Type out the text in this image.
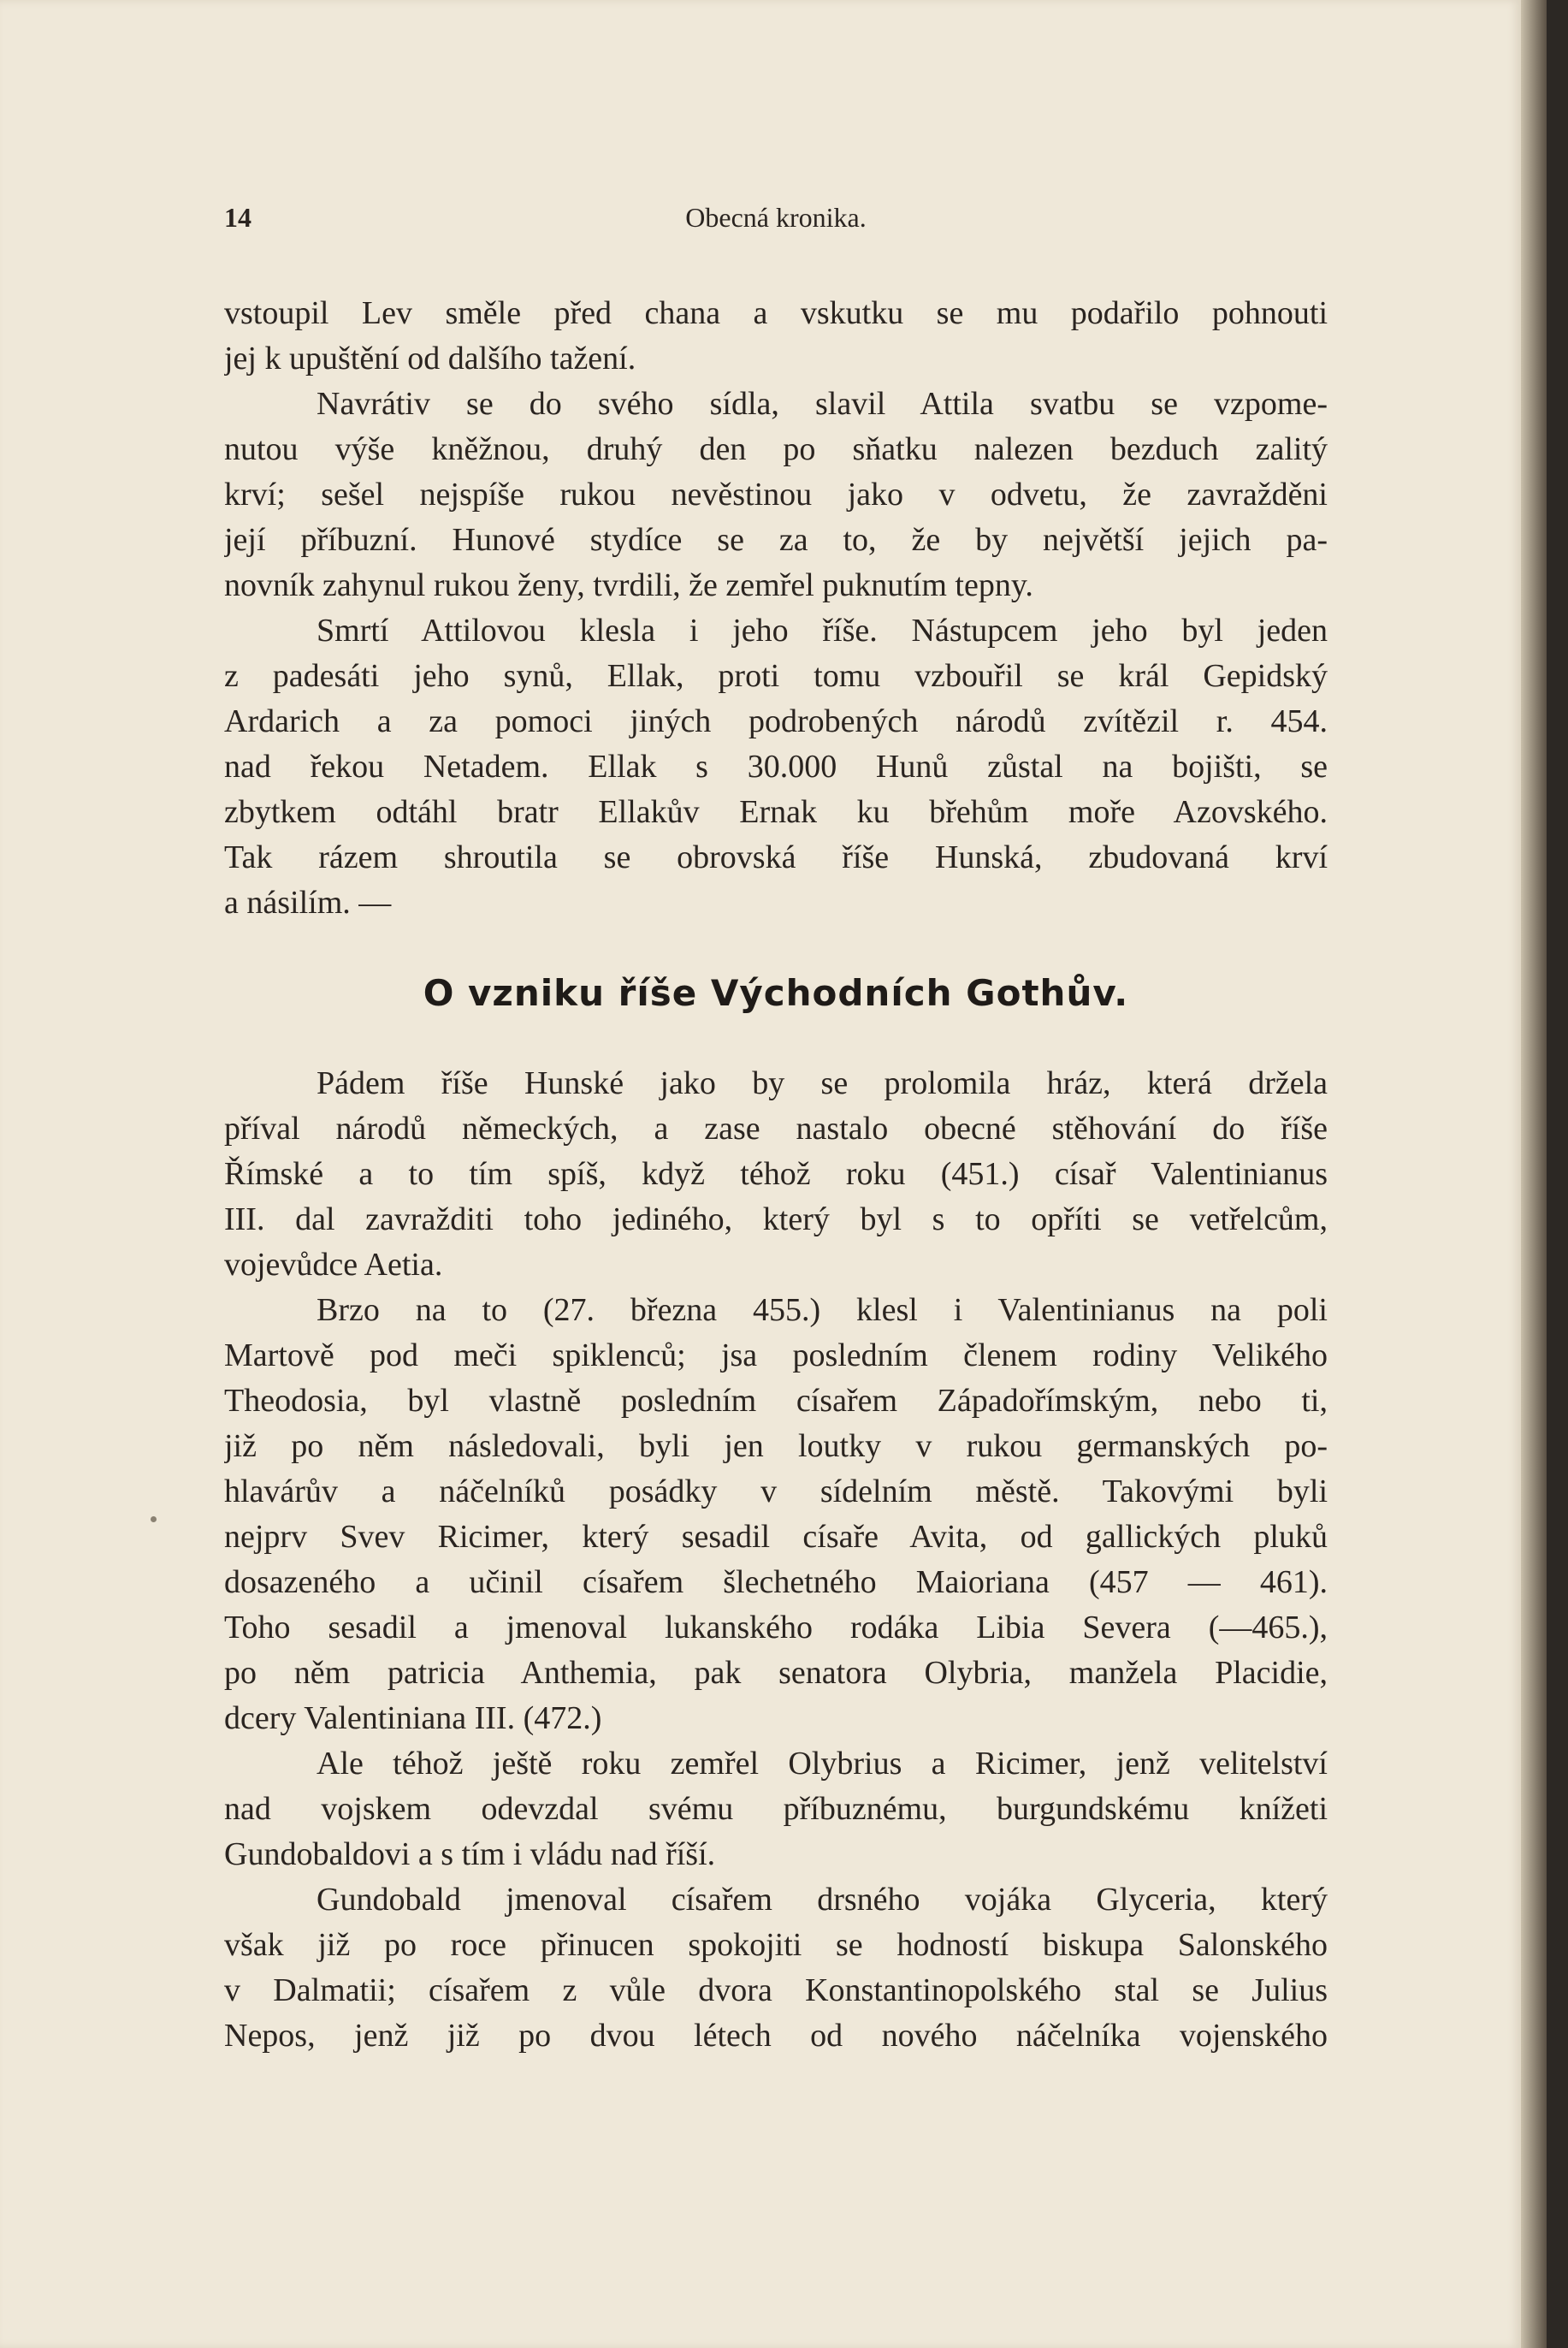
14	Obecná kronika.
vstoupil Lev směle před chana a vskutku se mu podařilo pohnouti
jej k upuštění od dalšího tažení.
Navrátiv se do svého sídla, slavil Attila svatbu se vzpome-
nutou výše kněžnou, druhý den po sňatku nalezen bezduch zalitý
krví; sešel nejspíše rukou nevěstinou jako v odvetu, že zavražděni
její příbuzní. Hunové stydíce se za to, že by největší jejich pa-
novník zahynul rukou ženy, tvrdili, že zemřel puknutím tepny.
Smrtí Attilovou klesla i jeho říše. Nástupcem jeho byl jeden
z padesáti jeho synů, Ellak, proti tomu vzbouřil se král Gepidský
Ardarich a za pomoci jiných podrobených národů zvítězil r. 454.
nad řekou Netadem. Ellak s 30.000 Hunů zůstal na bojišti, se
zbytkem odtáhl bratr Ellakův Ernak ku břehům moře Azovského.
Tak rázem shroutila se obrovská říše Hunská, zbudovaná krví
a násilím. —
O vzniku říše Východních Gothův.
Pádem říše Hunské jako by se prolomila hráz, která držela
příval národů německých, a zase nastalo obecné stěhování do říše
Římské a to tím spíš, když téhož roku (451.) císař Valentinianus
III. dal zavražditi toho jediného, který byl s to opříti se vetřelcům,
vojevůdce Aetia.
Brzo na to (27. března 455.) klesl i Valentinianus na poli
Martově pod meči spiklenců; jsa posledním členem rodiny Velikého
Theodosia, byl vlastně posledním císařem Západořímským, nebo ti,
již po něm následovali, byli jen loutky v rukou germanských po-
hlavárův a náčelníků posádky v sídelním městě. Takovými byli
nejprv Svev Ricimer, který sesadil císaře Avita, od gallických pluků
dosazeného a učinil císařem šlechetného Maioriana (457 — 461).
Toho sesadil a jmenoval lukanského rodáka Libia Severa (—465.),
po něm patricia Anthemia, pak senatora Olybria, manžela Placidie,
dcery Valentiniana III. (472.)
Ale téhož ještě roku zemřel Olybrius a Ricimer, jenž velitelství
nad vojskem odevzdal svému příbuznému, burgundskému knížeti
Gundobaldovi a s tím i vládu nad říší.
Gundobald jmenoval císařem drsného vojáka Glyceria, který
však již po roce přinucen spokojiti se hodností biskupa Salonského
v Dalmatii; císařem z vůle dvora Konstantinopolského stal se Julius
Nepos, jenž již po dvou létech od nového náčelníka vojenského
